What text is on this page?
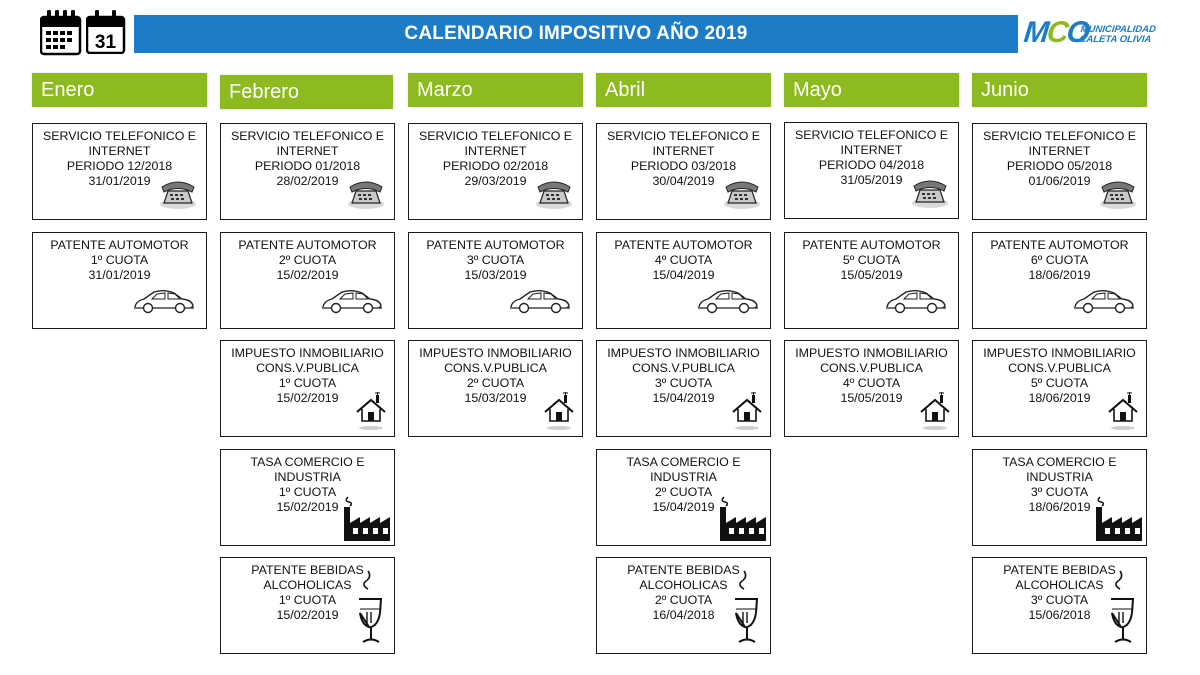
31	CALENDARIO IMPOSITIVO AÑO 2019	MCO
MUNICIPALIDAD
CALETA OLIVIA
Enero
SERVICIO TELEFONICO E
INTERNET
PERIODO 12/2018
31/01/2019
PATENTE AUTOMOTOR
1º CUOTA
31/01/2019
Febrero
SERVICIO TELEFONICO E
INTERNET
PERIODO 01/2018
28/02/2019
PATENTE AUTOMOTOR
2º CUOTA
15/02/2019
IMPUESTO INMOBILIARIO
CONS.V.PUBLICA
1º CUOTA
15/02/2019
TASA COMERCIO E
INDUSTRIA
1º CUOTA
15/02/2019
PATENTE BEBIDAS
ALCOHOLICAS
1º CUOTA
15/02/2019
Marzo
SERVICIO TELEFONICO E
INTERNET
PERIODO 02/2018
29/03/2019
PATENTE AUTOMOTOR
3º CUOTA
15/03/2019
IMPUESTO INMOBILIARIO
CONS.V.PUBLICA
2º CUOTA
15/03/2019
Abril
SERVICIO TELEFONICO E
INTERNET
PERIODO 03/2018
30/04/2019
PATENTE AUTOMOTOR
4º CUOTA
15/04/2019
IMPUESTO INMOBILIARIO
CONS.V.PUBLICA
3º CUOTA
15/04/2019
TASA COMERCIO E
INDUSTRIA
2º CUOTA
15/04/2019
PATENTE BEBIDAS
ALCOHOLICAS
2º CUOTA
16/04/2018
Mayo
SERVICIO TELEFONICO E
INTERNET
PERIODO 04/2018
31/05/2019
PATENTE AUTOMOTOR
5º CUOTA
15/05/2019
IMPUESTO INMOBILIARIO
CONS.V.PUBLICA
4º CUOTA
15/05/2019
Junio
SERVICIO TELEFONICO E
INTERNET
PERIODO 05/2018
01/06/2019
PATENTE AUTOMOTOR
6º CUOTA
18/06/2019
IMPUESTO INMOBILIARIO
CONS.V.PUBLICA
5º CUOTA
18/06/2019
TASA COMERCIO E
INDUSTRIA
3º CUOTA
18/06/2019
PATENTE BEBIDAS
ALCOHOLICAS
3º CUOTA
15/06/2018
